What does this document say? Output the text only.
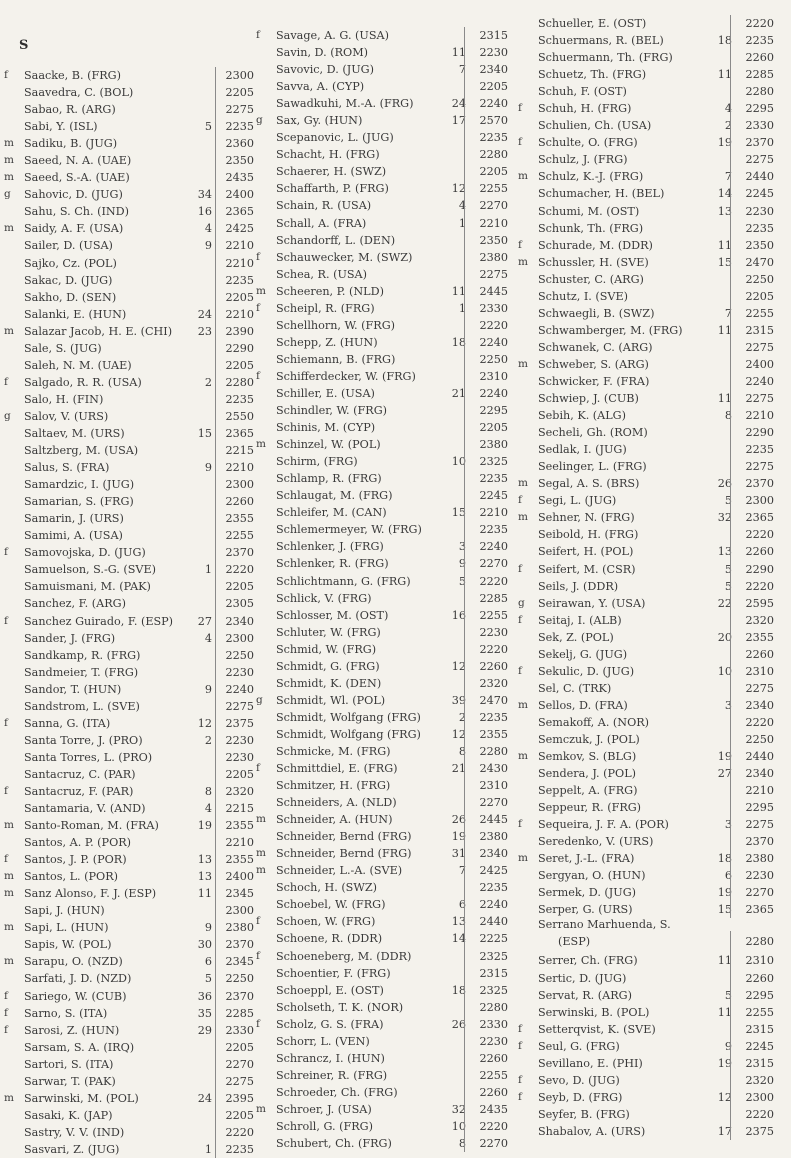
S
f	Saacke, B. (FRG)	2300
Saavedra, C. (BOL)	2205
Sabao, R. (ARG)	2275
Sabi, Y. (ISL)	5	2235
m Sadiku, B. (JUG)	2360
m Saeed, N. A. (UAE)	2350
m Saeed, S.-A. (UAE)	2435
g	Sahovic, D. (JUG)	34	2400
Sahu, S. Ch. (IND)	16	2365
m Saidy, A. F. (USA)	4	2425
Sailer, D. (USA)	9	2210
Sajko, Cz. (POL)	2210
Sakac, D. (JUG)	2235
Sakho, D. (SEN)	2205
Salanki, E. (HUN)	24	2210
m Salazar Jacob, H. E. (CHI)	23	2390
Sale, S. (JUG)	2290
Saleh, N. M. (UAE)	2205
f	Salgado, R. R. (USA)	2	2280
Salo, H. (FIN)	2235
g	Salov, V. (URS)	2550
Saltaev, M. (URS)	15	2365
Saltzberg, M. (USA)	2215
Salus, S. (FRA)	9	2210
Samardzic, I. (JUG)	2300
Samarian, S. (FRG)	2260
Samarin, J. (URS)	2355
Samimi, A. (USA)	2255
f	Samovojska, D. (JUG)	2370
Samuelson, S.-G. (SVE)	1	2220
Samuismani, M. (PAK)	2205
Sanchez, F. (ARG)	2305
f	Sanchez Guirado, F. (ESP)	27	2340
Sander, J. (FRG)	4	2300
Sandkamp, R. (FRG)	2250
Sandmeier, T. (FRG)	2230
Sandor, T. (HUN)	9	2240
Sandstrom, L. (SVE)	2275
f	Sanna, G. (ITA)	12	2375
Santa Torre, J. (PRO)	2	2230
Santa Torres, L. (PRO)	2230
Santacruz, C. (PAR)	2205
f	Santacruz, F. (PAR)	8	2320
Santamaria, V. (AND)	4	2215
m Santo-Roman, M. (FRA)	19	2355
Santos, A. P. (POR)	2210
f	Santos, J. P. (POR)	13	2355
m Santos, L. (POR)	13	2400
m Sanz Alonso, F. J. (ESP)	11	2345
Sapi, J. (HUN)	2300
m Sapi, L. (HUN)	9	2380
Sapis, W. (POL)	30	2370
m Sarapu, O. (NZD)	6	2345
Sarfati, J. D. (NZD)	5	2250
f	Sariego, W. (CUB)	36	2370
f	Sarno, S. (ITA)	35	2285
f	Sarosi, Z. (HUN)	29	2330
Sarsam, S. A. (IRQ)	2205
Sartori, S. (ITA)	2270
Sarwar, T. (PAK)	2275
m Sarwinski, M. (POL)	24	2395
Sasaki, K. (JAP)	2205
Sastry, V. V. (IND)	2220
Sasvari, Z. (JUG)	1	2235
f	Savage, A. G. (USA)	2315
Savin, D. (ROM)	11	2230
Savovic, D. (JUG)	7	2340
Savva, A. (CYP)	2205
Sawadkuhi, M.-A. (FRG)	24	2240
g	Sax, Gy. (HUN)	17	2570
Scepanovic, L. (JUG)	2235
Schacht, H. (FRG)	2280
Schaerer, H. (SWZ)	2205
Schaffarth, P. (FRG)	12	2255
Schain, R. (USA)	4	2270
Schall, A. (FRA)	1	2210
Schandorff, L. (DEN)	2350
f	Schauwecker, M. (SWZ)	2380
Schea, R. (USA)	2275
m Scheeren, P. (NLD)	11	2445
f	Scheipl, R. (FRG)	1	2330
Schellhorn, W. (FRG)	2220
Schepp, Z. (HUN)	18	2240
Schiemann, B. (FRG)	2250
f	Schifferdecker, W. (FRG)	2310
Schiller, E. (USA)	21	2240
Schindler, W. (FRG)	2295
Schinis, M. (CYP)	2205
m Schinzel, W. (POL)	2380
Schirm, (FRG)	10	2325
Schlamp, R. (FRG)	2235
Schlaugat, M. (FRG)	2245
Schleifer, M. (CAN)	15	2210
Schlemermeyer, W. (FRG)	2235
Schlenker, J. (FRG)	3	2240
Schlenker, R. (FRG)	9	2270
Schlichtmann, G. (FRG)	5	2220
Schlick, V. (FRG)	2285
Schlosser, M. (OST)	16	2255
Schluter, W. (FRG)	2230
Schmid, W. (FRG)	2220
Schmidt, G. (FRG)	12	2260
Schmidt, K. (DEN)	2320
g	Schmidt, Wl. (POL)	39	2470
Schmidt, Wolfgang (FRG)	2	2235
Schmidt, Wolfgang (FRG)	12	2355
Schmicke, M. (FRG)	8	2280
f	Schmittdiel, E. (FRG)	21	2430
Schmitzer, H. (FRG)	2310
Schneiders, A. (NLD)	2270
m Schneider, A. (HUN)	26	2445
Schneider, Bernd (FRG)	19	2380
m Schneider, Bernd (FRG)	31	2340
m Schneider, L.-A. (SVE)	7	2425
Schoch, H. (SWZ)	2235
Schoebel, W. (FRG)	6	2240
f	Schoen, W. (FRG)	13	2440
Schoene, R. (DDR)	14	2225
f	Schoeneberg, M. (DDR)	2325
Schoentier, F. (FRG)	2315
Schoeppl, E. (OST)	18	2325
Scholseth, T. K. (NOR)	2280
f	Scholz, G. S. (FRA)	26	2330
Schorr, L. (VEN)	2230
Schrancz, I. (HUN)	2260
Schreiner, R. (FRG)	2255
Schroeder, Ch. (FRG)	2260
m Schroer, J. (USA)	32	2435
Schroll, G. (FRG)	10	2220
Schubert, Ch. (FRG)	8	2270
Schueller, E. (OST)	2220
Schuermans, R. (BEL)	18	2235
Schuermann, Th. (FRG)	2260
Schuetz, Th. (FRG)	11	2285
Schuh, F. (OST)	2280
f	Schuh, H. (FRG)	4	2295
Schulien, Ch. (USA)	2	2330
f	Schulte, O. (FRG)	19	2370
Schulz, J. (FRG)	2275
m Schulz, K.-J. (FRG)	7	2440
Schumacher, H. (BEL)	14	2245
Schumi, M. (OST)	13	2230
Schunk, Th. (FRG)	2235
f	Schurade, M. (DDR)	11	2350
m Schussler, H. (SVE)	15	2470
Schuster, C. (ARG)	2250
Schutz, I. (SVE)	2205
Schwaegli, B. (SWZ)	7	2255
Schwamberger, M. (FRG)	11	2315
Schwanek, C. (ARG)	2275
m Schweber, S. (ARG)	2400
Schwicker, F. (FRA)	2240
Schwiep, J. (CUB)	11	2275
Sebih, K. (ALG)	8	2210
Secheli, Gh. (ROM)	2290
Sedlak, I. (JUG)	2235
Seelinger, L. (FRG)	2275
m Segal, A. S. (BRS)	26	2370
f	Segi, L. (JUG)	5	2300
m Sehner, N. (FRG)	32	2365
Seibold, H. (FRG)	2220
Seifert, H. (POL)	13	2260
f	Seifert, M. (CSR)	5	2290
Seils, J. (DDR)	5	2220
g	Seirawan, Y. (USA)	22	2595
f	Seitaj, I. (ALB)	2320
Sek, Z. (POL)	20	2355
Sekelj, G. (JUG)	2260
f	Sekulic, D. (JUG)	10	2310
Sel, C. (TRK)	2275
m Sellos, D. (FRA)	3	2340
Semakoff, A. (NOR)	2220
Semczuk, J. (POL)	2250
m Semkov, S. (BLG)	19	2440
Sendera, J. (POL)	27	2340
Seppelt, A. (FRG)	2210
Seppeur, R. (FRG)	2295
f	Sequeira, J. F. A. (POR)	3	2275
Seredenko, V. (URS)	2370
m Seret, J.-L. (FRA)	18	2380
Sergyan, O. (HUN)	6	2230
Sermek, D. (JUG)	19	2270
Serper, G. (URS)	15	2365
Serrano Marhuenda, S.
(ESP)	2280
Serrer, Ch. (FRG)	11	2310
Sertic, D. (JUG)	2260
Servat, R. (ARG)	5	2295
Serwinski, B. (POL)	11	2255
f	Setterqvist, K. (SVE)	2315
f	Seul, G. (FRG)	9	2245
Sevillano, E. (PHI)	19	2315
f	Sevo, D. (JUG)	2320
f	Seyb, D. (FRG)	12	2300
Seyfer, B. (FRG)	2220
Shabalov, A. (URS)	17	2375
